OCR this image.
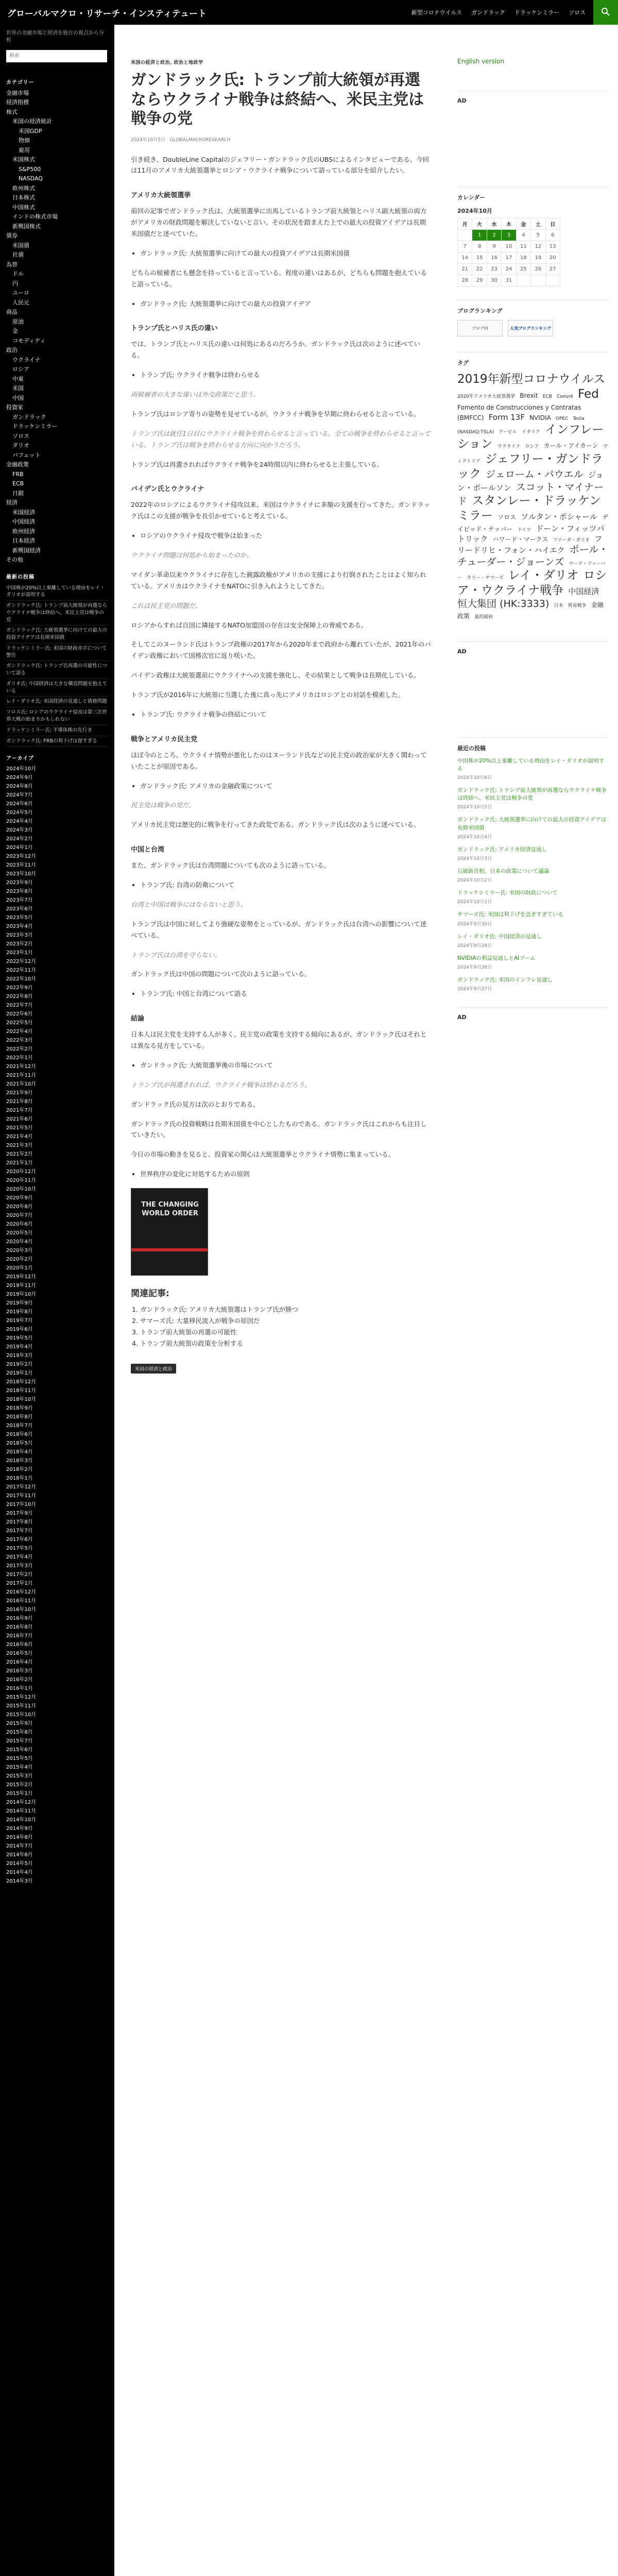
グローバルマクロ・リサーチ・インスティテュート	新型コロナウイルス ガンドラック ドラッケンミラー ソロス

世界の金融市場と経済を独自の視点から分析

検索
カテゴリー
金融市場
経済指標
株式
米国の経済統計
米国GDP
物価
雇用
米国株式
S&P500
NASDAQ
欧州株式
日本株式
中国株式
インドの株式市場
新興国株式
債券
米国債
社債
為替
ドル
円
ユーロ
人民元
商品
原油
金
コモディティ
政治
ウクライナ
ロシア
中東
米国
中国
投資家
ガンドラック
ドラッケンミラー
ソロス
ダリオ
バフェット
金融政策
FRB
ECB
日銀
経済
米国経済
中国経済
欧州経済
日本経済
新興国経済
その他
最新の投稿
中国株が20%以上乗離している理由をレイ・ダリオが説明する
ガンドラック氏: トランプ前大統領が再選ならウクライナ戦争は終結へ、米民主党は戦争の党
ガンドラック氏: 大統領選挙に向けての最大の投資アイデアは長期米国債
ドラッケンミラー氏: 米国の財政赤字について警告
ガンドラック氏: トランプ氏再選の可能性について語る
ダリオ氏: 中国経済は大きな構造問題を抱えている
レイ・ダリオ氏: 米国経済の見通しと債務問題
ソロス氏: ロシアのウクライナ侵攻は第三次世界大戦の始まりかもしれない
ドラッケンミラー氏: 半導体株の先行き
ガンドラック氏: FRBの利下げは遅すぎる
アーカイブ
2024年10月
2024年9月
2024年8月
2024年7月
2024年6月
2024年5月
2024年4月
2024年3月
2024年2月
2024年1月
2023年12月
2023年11月
2023年10月
2023年9月
2023年8月
2023年7月
2023年6月
2023年5月
2023年4月
2023年3月
2023年2月
2023年1月
2022年12月
2022年11月
2022年10月
2022年9月
2022年8月
2022年7月
2022年6月
2022年5月
2022年4月
2022年3月
2022年2月
2022年1月
2021年12月
2021年11月
2021年10月
2021年9月
2021年8月
2021年7月
2021年6月
2021年5月
2021年4月
2021年3月
2021年2月
2021年1月
2020年12月
2020年11月
2020年10月
2020年9月
2020年8月
2020年7月
2020年6月
2020年5月
2020年4月
2020年3月
2020年2月
2020年1月
2019年12月
2019年11月
2019年10月
2019年9月
2019年8月
2019年7月
2019年6月
2019年5月
2019年4月
2019年3月
2019年2月
2019年1月
2018年12月
2018年11月
2018年10月
2018年9月
2018年8月
2018年7月
2018年6月
2018年5月
2018年4月
2018年3月
2018年2月
2018年1月
2017年12月
2017年11月
2017年10月
2017年9月
2017年8月
2017年7月
2017年6月
2017年5月
2017年4月
2017年3月
2017年2月
2017年1月
2016年12月
2016年11月
2016年10月
2016年9月
2016年8月
2016年7月
2016年6月
2016年5月
2016年4月
2016年3月
2016年2月
2016年1月
2015年12月
2015年11月
2015年10月
2015年9月
2015年8月
2015年7月
2015年6月
2015年5月
2015年4月
2015年3月
2015年2月
2015年1月
2014年12月
2014年11月
2014年10月
2014年9月
2014年8月
2014年7月
2014年6月
2014年5月
2014年4月
2014年3月
米国の経済と政治, 政治と地政学
ガンドラック氏: トランプ前大統領が再選ならウクライナ戦争は終結へ、米民主党は戦争の党
2024年10月5日 · GLOBALMACRORESEARCH

引き続き、DoubleLine Capitalのジェフリー・ガンドラック氏のUBSによるインタビューである。今回は11月のアメリカ大統領選挙とロシア・ウクライナ戦争について語っている部分を紹介したい。

アメリカ大統領選挙

前回の記事でガンドラック氏は、大統領選挙に出馬しているトランプ前大統領とハリス副大統領の両方がアメリカの財政問題を解決していないと言い、その状況を踏まえた上での最大の投資アイデアは長期米国債だと述べていた。

• ガンドラック氏: 大統領選挙に向けての最大の投資アイデアは長期米国債

どちらの候補者にも懸念を持っていると言っている。程度の違いはあるが、どちらも問題を抱えていると語っている。

• ガンドラック氏: 大統領選挙に向けての最大の投資アイデア
トランプ氏とハリス氏の違い

では、トランプ氏とハリス氏の違いは何処にあるのだろうか。ガンドラック氏は次のように述べている。

• トランプ氏: ウクライナ戦争は終わらせる

両候補者の大きな違いは外交政策だと思う。

トランプ氏はロシア寄りの姿勢を見せているが、ウクライナ戦争を早期に終わらせると言っている。

トランプ氏は就任1日目にウクライナ戦争を終わらせると言っている。全ての戦争を終わらせると言っている。トランプ氏は戦争を終わらせる方向に向かうだろう。

トランプ氏は再選されればウクライナ戦争を24時間以内に終わらせると主張している。

バイデン氏とウクライナ

2022年のロシアによるウクライナ侵攻以来、米国はウクライナに多額の支援を行ってきた。ガンドラック氏はこの支援が戦争を長引かせていると考えている。

• ロシアのウクライナ侵攻で戦争は始まった

ウクライナ問題は何処から始まったのか。

マイダン革命以来ウクライナに存在した親露政権がアメリカの支援により打倒されたことはよく知られている。アメリカはウクライナをNATOに引き入れようとしてきた。

これは民主党の問題だ。

ロシアからすれば自国に隣接するNATO加盟国の存在は安全保障上の脅威である。

そしてこのヌーランド氏はトランプ政権の2017年から2020年まで政府から離れていたが、2021年のバイデン政権において国務次官に返り咲いた。

バイデン政権は大統領選前にウクライナへの支援を強化し、その結果として戦争は長期化している。

トランプ氏が2016年に大統領に当選した後に真っ先にアメリカはロシアとの対話を模索した。

• トランプ氏: ウクライナ戦争の終結について
戦争とアメリカ民主党

ほぼ今のところ、ウクライナ情勢が悪化したのはヌーランド氏などの民主党の政治家が大きく関わっていたことが原因である。

• ガンドラック氏: アメリカの金融政策について

民主党は戦争の党だ。

アメリカ民主党は歴史的に戦争を行ってきた政党である。ガンドラック氏は次のように述べている。

中国と台湾

また、ガンドラック氏は台湾問題についても次のように語っている。

• トランプ氏: 台湾の防衛について

台湾と中国は戦争にはならないと思う。

トランプ氏は中国に対してより強硬な姿勢をとっているが、ガンドラック氏は台湾への影響について述べている。

トランプ氏は台湾を守らない。

ガンドラック氏は中国の問題について次のように語っている。

• トランプ氏: 中国と台湾について語る
結論

日本人は民主党を支持する人が多く、民主党の政策を支持する傾向にあるが、ガンドラック氏はそれとは異なる見方をしている。

• ガンドラック氏: 大統領選挙後の市場について

トランプ氏が再選されれば、ウクライナ戦争は終わるだろう。

ガンドラック氏の見方は次のとおりである。

ガンドラック氏の投資戦略は長期米国債を中心としたものである。ガンドラック氏はこれからも注目していきたい。

今日の市場の動きを見ると、投資家の関心は大統領選挙とウクライナ情勢に集まっている。

• 世界秩序の変化に対処するための原則
THE CHANGING WORLD ORDER
関連記事:
1. ガンドラック氏: アメリカ大統領選はトランプ氏が勝つ
2. サマーズ氏: 大量移民流入が戦争の原因だ
3. トランプ前大統領の再選の可能性
4. トランプ前大統領の政策を分析する
米国の経済と政治
English version
AD
カレンダー
2024年10月
月	火	水	木	金	土	日
	1	2	3	4	5	6
7	8	9	10	11	12	13
14	15	16	17	18	19	20
21	22	23	24	25	26	27
28	29	30	31			
ブログランキング
ブログ村	人気ブログランキング
タグ
2019年新型コロナウイルス 2020年アメリカ大統領選挙 Brexit ECB Coeuré Fed Fomento de Construcciones y Contratas (BMFCC) Form 13F NVIDIA OPEC Tesla (NASDAQ:TSLA) アービル イタリア インフレーション ウクライナ ロシア カール・アイカーン ヴィクトリア ジェフリー・ガンドラック ジェローム・パウエル ジョン・ポールソン スコット・マイナード スタンレー・ドラッケンミラー ソロス ソルタン・ポシャール デイビッド・テッパー ドイツ ドーン・フィッツパトリック ハワード・マークス フリーダ・ダリオ フリードリヒ・フォン・ハイエク ポール・チューダー・ジョーンズ マーク・ファーバー ラリー・サマーズ レイ・ダリオ ロシア・ウクライナ戦争 中国経済 恒大集団 (HK:3333) 日本 貿易戦争 金融政策 量的緩和
AD
最近の投稿
中国株が20%以上乗離している理由をレイ・ダリオが説明する
2024年10月6日
ガンドラック氏: トランプ前大統領が再選ならウクライナ戦争は終結へ、米民主党は戦争の党
2024年10月5日
ガンドラック氏: 大統領選挙に向けての最大の投資アイデアは長期米国債
2024年10月4日
ガンドラック氏: アメリカ経済見通し
2024年10月3日
石破新首相、日本の政策について議論
2024年10月2日
ドラッケンミラー氏: 米国の財政について
2024年10月1日
サマーズ氏: 米国は利下げを急ぎすぎている
2024年9月30日
レイ・ダリオ氏: 中国経済の見通し
2024年9月29日
NVIDIAの利益見通しとAIブーム
2024年9月28日
ガンドラック氏: 米国のインフレ見通し
2024年9月27日
AD
